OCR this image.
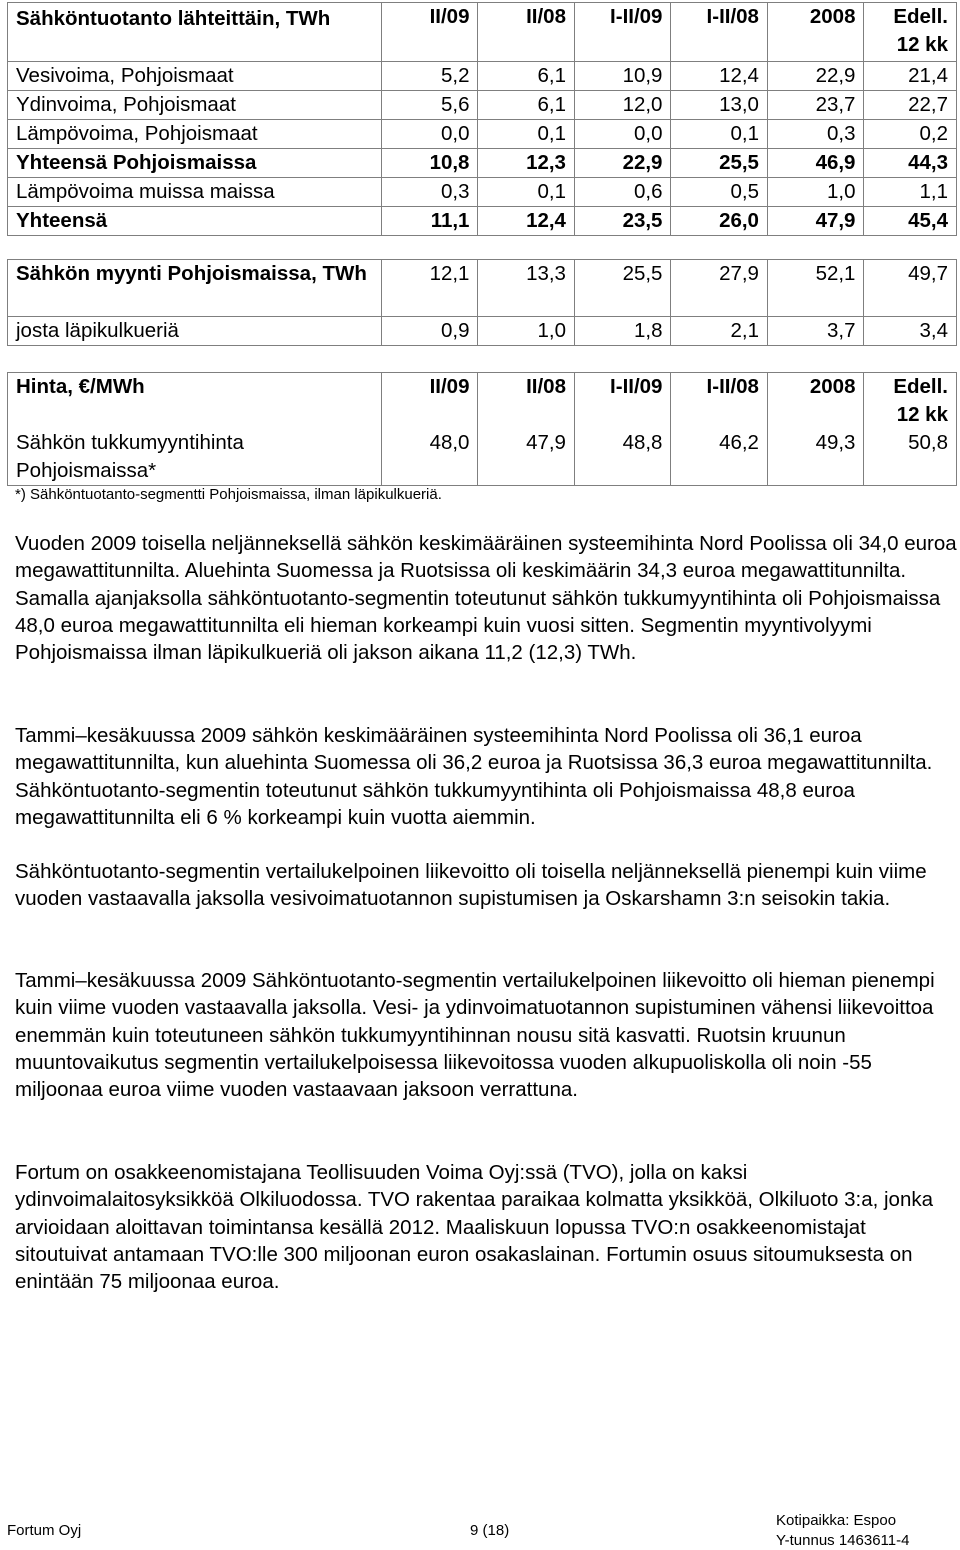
Sähköntuotanto lähteittäin, TWh	II/09	II/08	I-II/09	I-II/08	2008	Edell. 12 kk
Vesivoima, Pohjoismaat	5,2	6,1	10,9	12,4	22,9	21,4
Ydinvoima, Pohjoismaat	5,6	6,1	12,0	13,0	23,7	22,7
Lämpövoima, Pohjoismaat	0,0	0,1	0,0	0,1	0,3	0,2
Yhteensä Pohjoismaissa	10,8	12,3	22,9	25,5	46,9	44,3
Lämpövoima muissa maissa	0,3	0,1	0,6	0,5	1,0	1,1
Yhteensä	11,1	12,4	23,5	26,0	47,9	45,4
Sähkön myynti Pohjoismaissa, TWh	12,1	13,3	25,5	27,9	52,1	49,7
josta läpikulkueriä	0,9	1,0	1,8	2,1	3,7	3,4
Hinta, €/MWh	II/09	II/08	I-II/09	I-II/08	2008	Edell. 12 kk
Sähkön tukkumyyntihinta Pohjoismaissa*	48,0	47,9	48,8	46,2	49,3	50,8
*) Sähköntuotanto-segmentti Pohjoismaissa, ilman läpikulkueriä.

Vuoden 2009 toisella neljänneksellä sähkön keskimääräinen systeemihinta Nord Poolissa oli 34,0 euroa megawattitunnilta. Aluehinta Suomessa ja Ruotsissa oli keskimäärin 34,3 euroa megawattitunnilta. Samalla ajanjaksolla sähköntuotanto-segmentin toteutunut sähkön tukkumyyntihinta oli Pohjoismaissa 48,0 euroa megawattitunnilta eli hieman korkeampi kuin vuosi sitten. Segmentin myyntivolyymi Pohjoismaissa ilman läpikulkueriä oli jakson aikana 11,2 (12,3) TWh.

Tammi–kesäkuussa 2009 sähkön keskimääräinen systeemihinta Nord Poolissa oli 36,1 euroa megawattitunnilta, kun aluehinta Suomessa oli 36,2 euroa ja Ruotsissa 36,3 euroa megawattitunnilta. Sähköntuotanto-segmentin toteutunut sähkön tukkumyyntihinta oli Pohjoismaissa 48,8 euroa megawattitunnilta eli 6 % korkeampi kuin vuotta aiemmin.

Sähköntuotanto-segmentin vertailukelpoinen liikevoitto oli toisella neljänneksellä pienempi kuin viime vuoden vastaavalla jaksolla vesivoimatuotannon supistumisen ja Oskarshamn 3:n seisokin takia.

Tammi–kesäkuussa 2009 Sähköntuotanto-segmentin vertailukelpoinen liikevoitto oli hieman pienempi kuin viime vuoden vastaavalla jaksolla. Vesi- ja ydinvoimatuotannon supistuminen vähensi liikevoittoa enemmän kuin toteutuneen sähkön tukkumyyntihinnan nousu sitä kasvatti. Ruotsin kruunun muuntovaikutus segmentin vertailukelpoisessa liikevoitossa vuoden alkupuoliskolla oli noin -55 miljoonaa euroa viime vuoden vastaavaan jaksoon verrattuna.

Fortum on osakkeenomistajana Teollisuuden Voima Oyj:ssä (TVO), jolla on kaksi ydinvoimalaitosyksikköä Olkiluodossa. TVO rakentaa paraikaa kolmatta yksikköä, Olkiluoto 3:a, jonka arvioidaan aloittavan toimintansa kesällä 2012. Maaliskuun lopussa TVO:n osakkeenomistajat sitoutuivat antamaan TVO:lle 300 miljoonan euron osakaslainan. Fortumin osuus sitoumuksesta on enintään 75 miljoonaa euroa.

Fortum Oyj	9 (18)
Kotipaikka: Espoo
Y-tunnus 1463611-4
